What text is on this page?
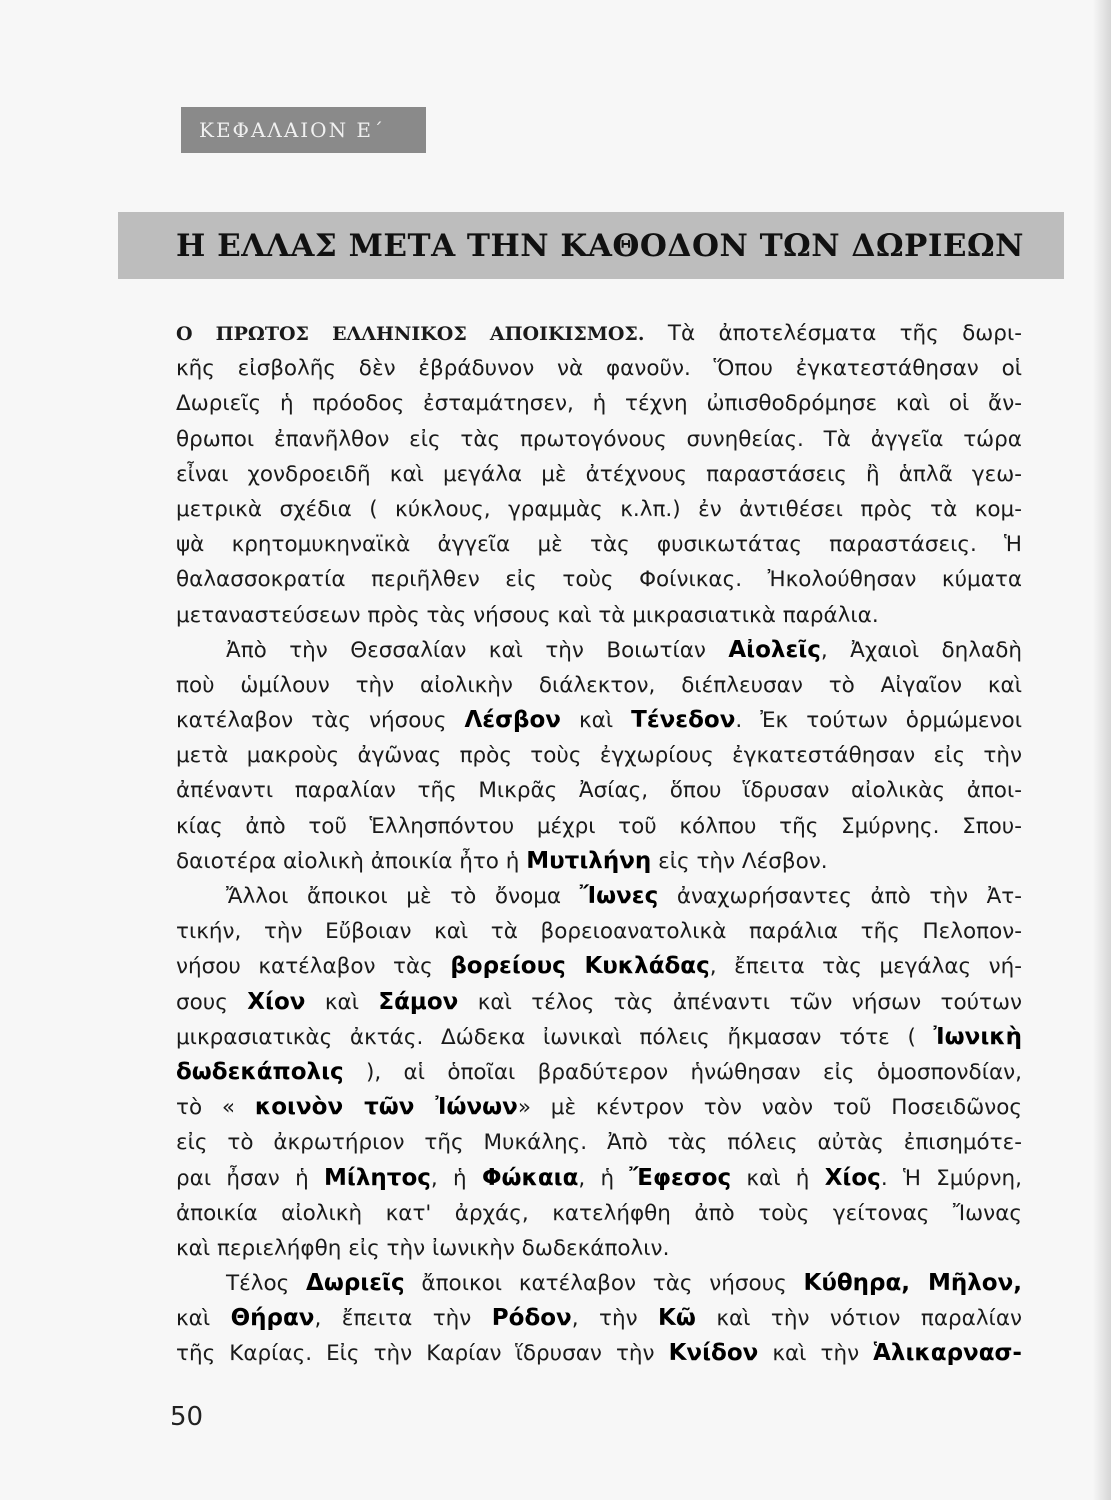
ΚΕΦΑΛΑΙΟΝ Ε΄
Η ΕΛΛΑΣ ΜΕΤΑ ΤΗΝ ΚΑΘΟΔΟΝ ΤΩΝ ΔΩΡΙΕΩΝ
Ο ΠΡΩΤΟΣ ΕΛΛΗΝΙΚΟΣ ΑΠΟΙΚΙΣΜΟΣ. Τὰ ἀποτελέσματα τῆς δωρι-
κῆς εἰσβολῆς δὲν ἐβράδυνον νὰ φανοῦν. Ὅπου ἐγκατεστάθησαν οἱ
Δωριεῖς ἡ πρόοδος ἐσταμάτησεν, ἡ τέχνη ὠπισθοδρόμησε καὶ οἱ ἄν-
θρωποι ἐπανῆλθον εἰς τὰς πρωτογόνους συνηθείας. Τὰ ἀγγεῖα τώρα
εἶναι χονδροειδῆ καὶ μεγάλα μὲ ἀτέχνους παραστάσεις ἢ ἁπλᾶ γεω-
μετρικὰ σχέδια ( κύκλους, γραμμὰς κ.λπ.) ἐν ἀντιθέσει πρὸς τὰ κομ-
ψὰ κρητομυκηναϊκὰ ἀγγεῖα μὲ τὰς φυσικωτάτας παραστάσεις. Ἡ
θαλασσοκρατία περιῆλθεν εἰς τοὺς Φοίνικας. Ἠκολούθησαν κύματα
μεταναστεύσεων πρὸς τὰς νήσους καὶ τὰ μικρασιατικὰ παράλια.
Ἀπὸ τὴν Θεσσαλίαν καὶ τὴν Βοιωτίαν Αἰολεῖς, Ἀχαιοὶ δηλαδὴ
ποὺ ὡμίλουν τὴν αἰολικὴν διάλεκτον, διέπλευσαν τὸ Αἰγαῖον καὶ
κατέλαβον τὰς νήσους Λέσβον καὶ Τένεδον. Ἐκ τούτων ὁρμώμενοι
μετὰ μακροὺς ἀγῶνας πρὸς τοὺς ἐγχωρίους ἐγκατεστάθησαν εἰς τὴν
ἀπέναντι παραλίαν τῆς Μικρᾶς Ἀσίας, ὅπου ἵδρυσαν αἰολικὰς ἀποι-
κίας ἀπὸ τοῦ Ἑλλησπόντου μέχρι τοῦ κόλπου τῆς Σμύρνης. Σπου-
δαιοτέρα αἰολικὴ ἀποικία ἦτο ἡ Μυτιλήνη εἰς τὴν Λέσβον.
Ἄλλοι ἄποικοι μὲ τὸ ὄνομα Ἴωνες ἀναχωρήσαντες ἀπὸ τὴν Ἀτ-
τικήν, τὴν Εὔβοιαν καὶ τὰ βορειοανατολικὰ παράλια τῆς Πελοπον-
νήσου κατέλαβον τὰς βορείους Κυκλάδας, ἔπειτα τὰς μεγάλας νή-
σους Χίον καὶ Σάμον καὶ τέλος τὰς ἀπέναντι τῶν νήσων τούτων
μικρασιατικὰς ἀκτάς. Δώδεκα ἰωνικαὶ πόλεις ἤκμασαν τότε ( Ἰωνικὴ
δωδεκάπολις ), αἱ ὁποῖαι βραδύτερον ἡνώθησαν εἰς ὁμοσπονδίαν,
τὸ « κοινὸν τῶν Ἰώνων» μὲ κέντρον τὸν ναὸν τοῦ Ποσειδῶνος
εἰς τὸ ἀκρωτήριον τῆς Μυκάλης. Ἀπὸ τὰς πόλεις αὐτὰς ἐπισημότε-
ραι ἦσαν ἡ Μίλητος, ἡ Φώκαια, ἡ Ἔφεσος καὶ ἡ Χίος. Ἡ Σμύρνη,
ἀποικία αἰολικὴ κατ' ἀρχάς, κατελήφθη ἀπὸ τοὺς γείτονας Ἴωνας
καὶ περιελήφθη εἰς τὴν ἰωνικὴν δωδεκάπολιν.
Τέλος Δωριεῖς ἄποικοι κατέλαβον τὰς νήσους Κύθηρα, Μῆλον,
καὶ Θήραν, ἔπειτα τὴν Ρόδον, τὴν Κῶ καὶ τὴν νότιον παραλίαν
τῆς Καρίας. Εἰς τὴν Καρίαν ἵδρυσαν τὴν Κνίδον καὶ τὴν Ἁλικαρνασ-
50
